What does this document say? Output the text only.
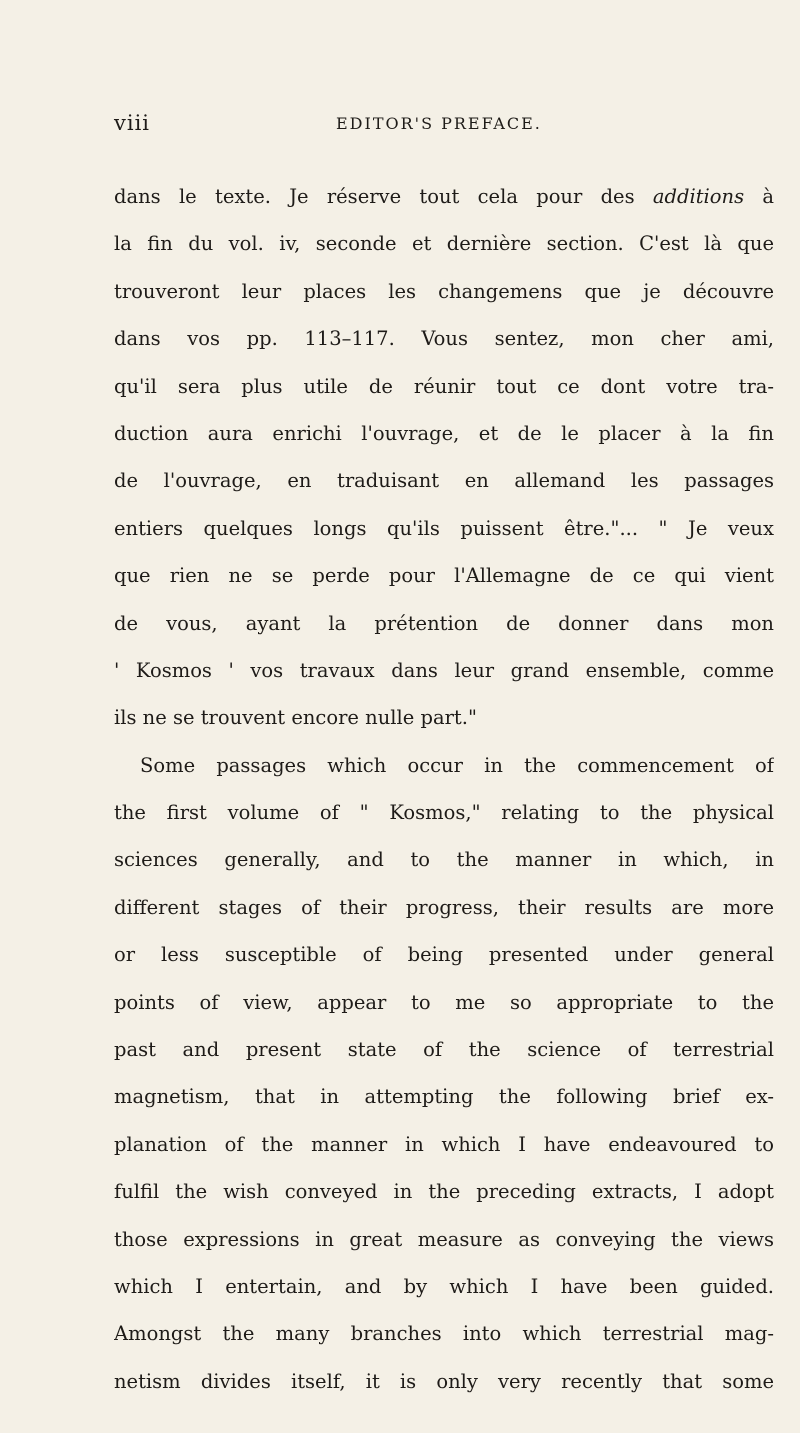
viii	EDITOR'S PREFACE.
dans le texte. Je réserve tout cela pour des additions à
la fin du vol. iv, seconde et dernière section. C'est là que
trouveront leur places les changemens que je découvre
dans vos pp. 113–117. Vous sentez, mon cher ami,
qu'il sera plus utile de réunir tout ce dont votre tra-
duction aura enrichi l'ouvrage, et de le placer à la fin
de l'ouvrage, en traduisant en allemand les passages
entiers quelques longs qu'ils puissent être."... " Je veux
que rien ne se perde pour l'Allemagne de ce qui vient
de vous, ayant la prétention de donner dans mon
' Kosmos ' vos travaux dans leur grand ensemble, comme
ils ne se trouvent encore nulle part."
Some passages which occur in the commencement of
the first volume of " Kosmos," relating to the physical
sciences generally, and to the manner in which, in
different stages of their progress, their results are more
or less susceptible of being presented under general
points of view, appear to me so appropriate to the
past and present state of the science of terrestrial
magnetism, that in attempting the following brief ex-
planation of the manner in which I have endeavoured to
fulfil the wish conveyed in the preceding extracts, I adopt
those expressions in great measure as conveying the views
which I entertain, and by which I have been guided.
Amongst the many branches into which terrestrial mag-
netism divides itself, it is only very recently that some
